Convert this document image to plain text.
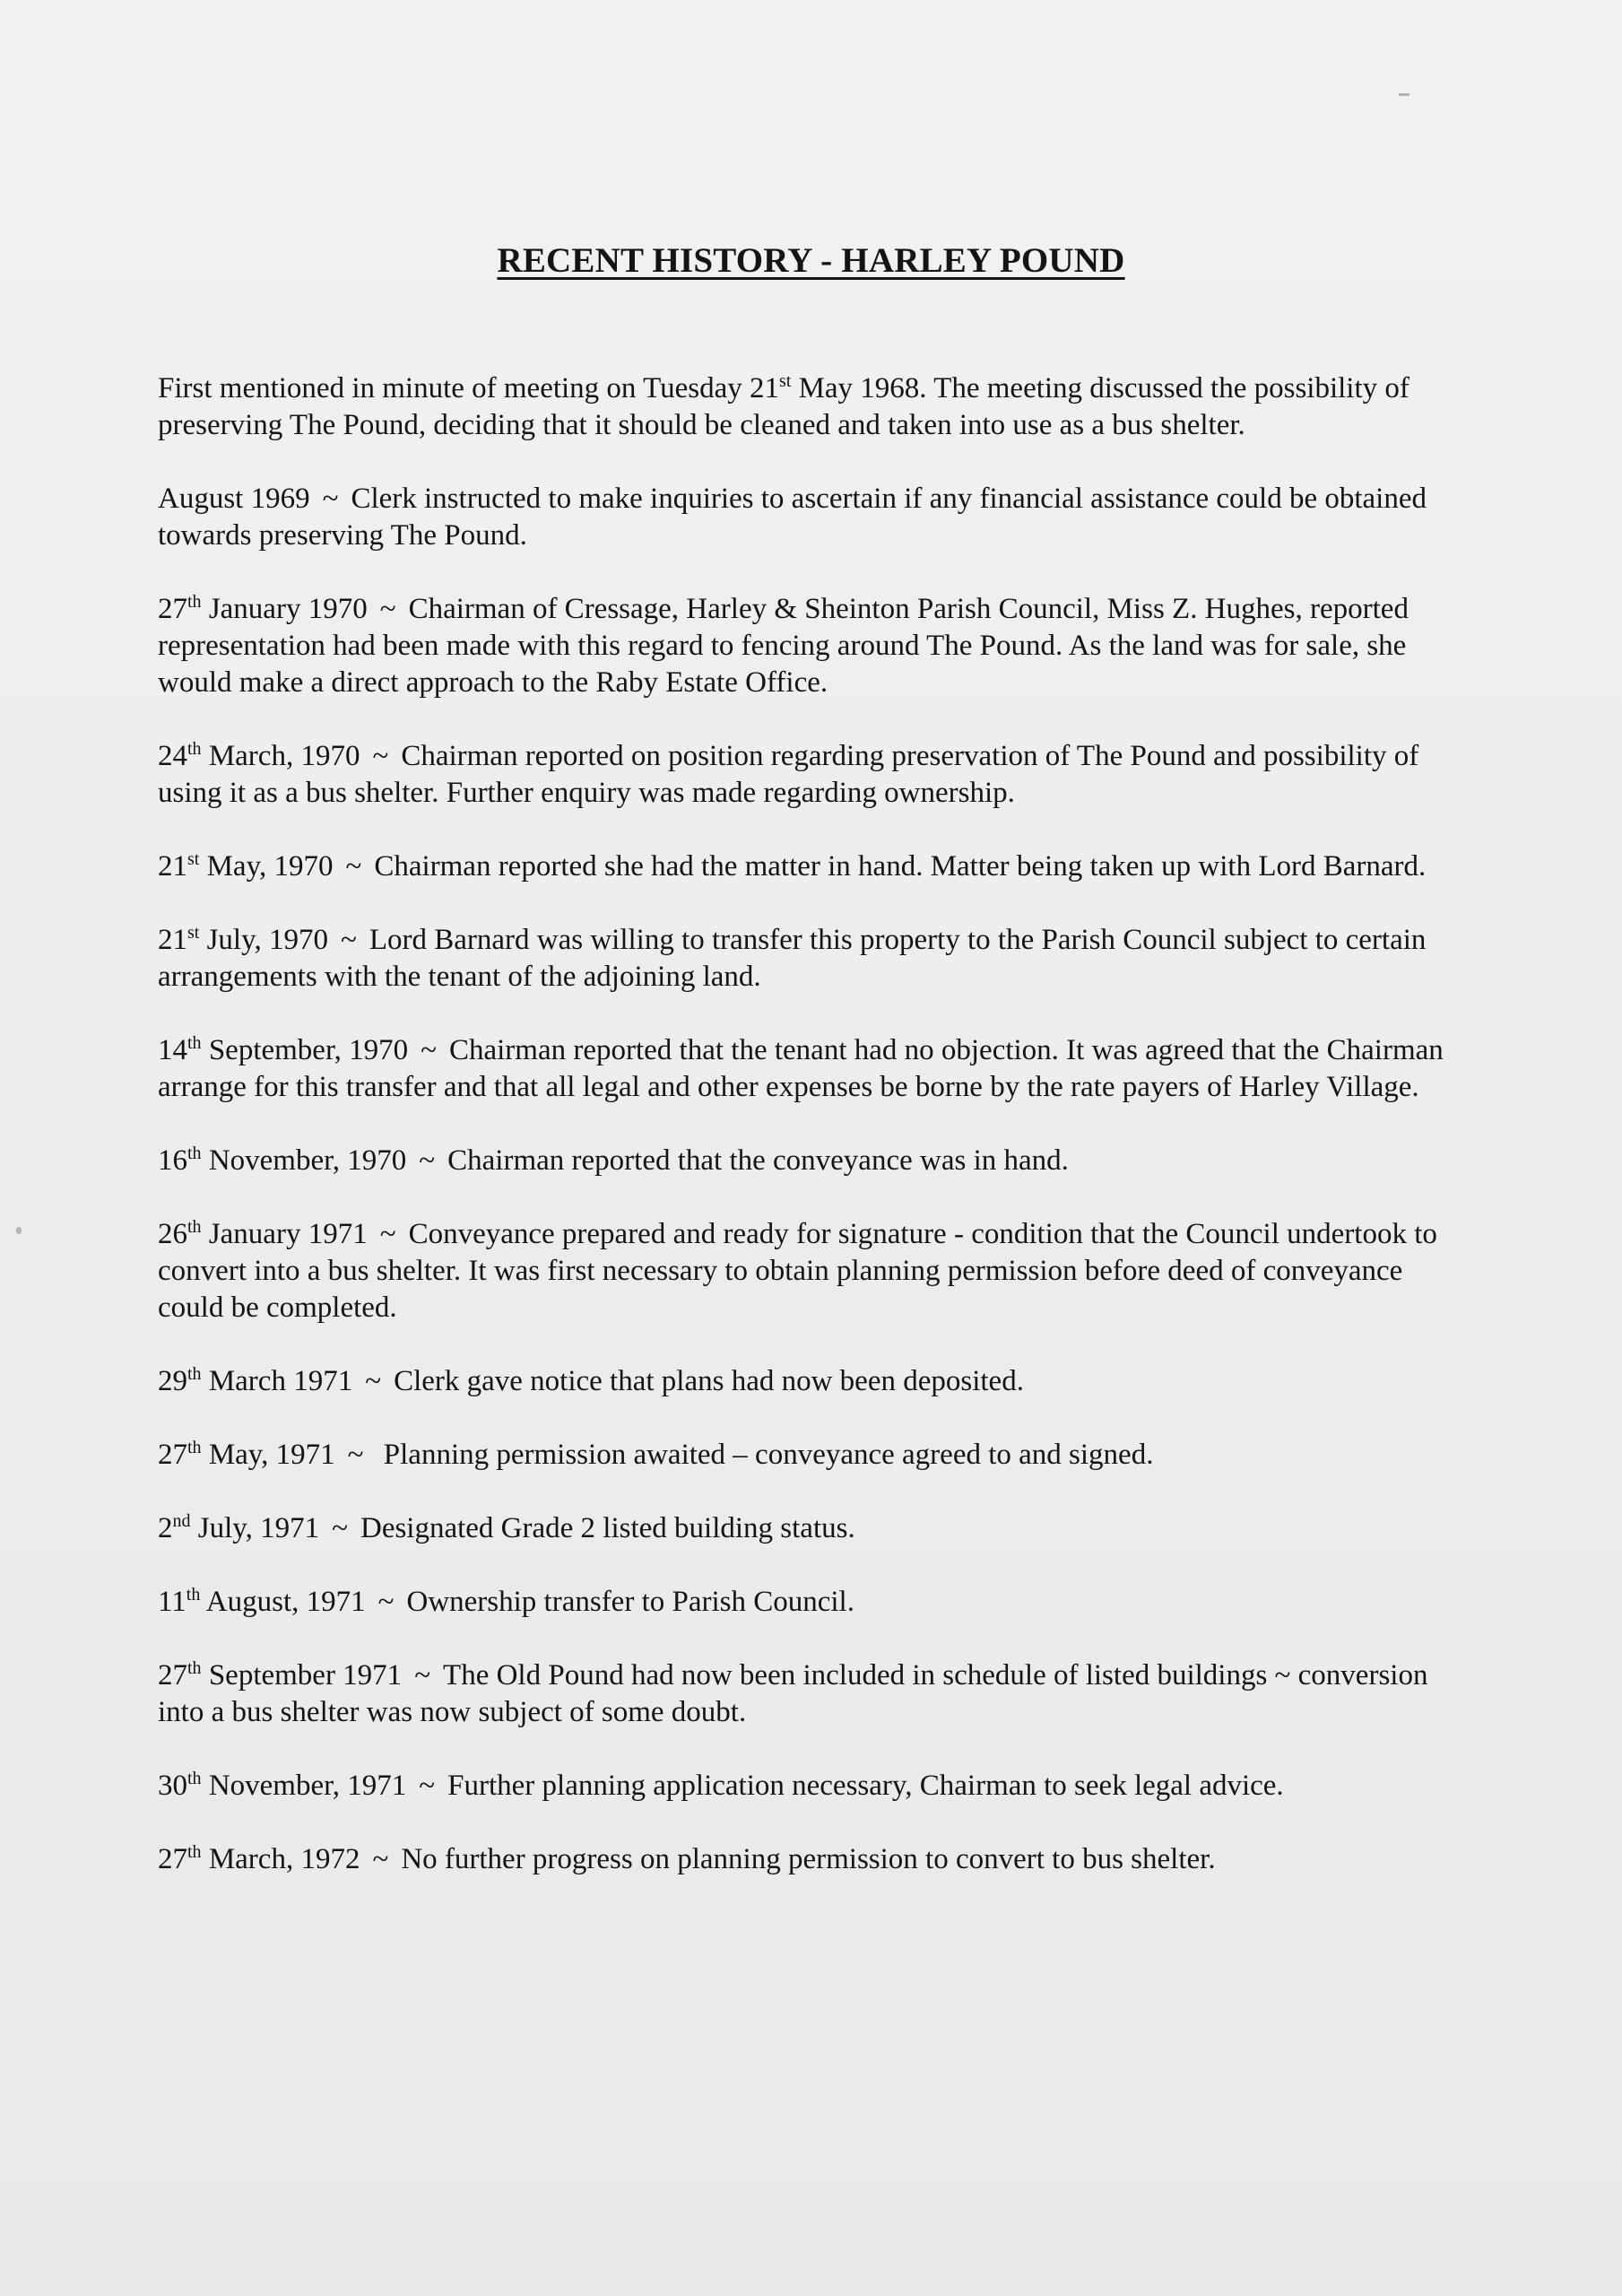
RECENT HISTORY - HARLEY POUND

First mentioned in minute of meeting on Tuesday 21st May 1968. The meeting discussed the possibility of preserving The Pound, deciding that it should be cleaned and taken into use as a bus shelter.

August 1969 ~ Clerk instructed to make inquiries to ascertain if any financial assistance could be obtained towards preserving The Pound.

27th January 1970 ~ Chairman of Cressage, Harley & Sheinton Parish Council, Miss Z. Hughes, reported representation had been made with this regard to fencing around The Pound. As the land was for sale, she would make a direct approach to the Raby Estate Office.

24th March, 1970 ~ Chairman reported on position regarding preservation of The Pound and possibility of using it as a bus shelter. Further enquiry was made regarding ownership.

21st May, 1970 ~ Chairman reported she had the matter in hand. Matter being taken up with Lord Barnard.

21st July, 1970 ~ Lord Barnard was willing to transfer this property to the Parish Council subject to certain arrangements with the tenant of the adjoining land.

14th September, 1970 ~ Chairman reported that the tenant had no objection. It was agreed that the Chairman arrange for this transfer and that all legal and other expenses be borne by the rate payers of Harley Village.

16th November, 1970 ~ Chairman reported that the conveyance was in hand.

26th January 1971 ~ Conveyance prepared and ready for signature - condition that the Council undertook to convert into a bus shelter. It was first necessary to obtain planning permission before deed of conveyance could be completed.

29th March 1971 ~ Clerk gave notice that plans had now been deposited.

27th May, 1971 ~ Planning permission awaited – conveyance agreed to and signed.

2nd July, 1971 ~ Designated Grade 2 listed building status.

11th August, 1971 ~ Ownership transfer to Parish Council.

27th September 1971 ~ The Old Pound had now been included in schedule of listed buildings ~ conversion into a bus shelter was now subject of some doubt.

30th November, 1971 ~ Further planning application necessary, Chairman to seek legal advice.

27th March, 1972 ~ No further progress on planning permission to convert to bus shelter.
